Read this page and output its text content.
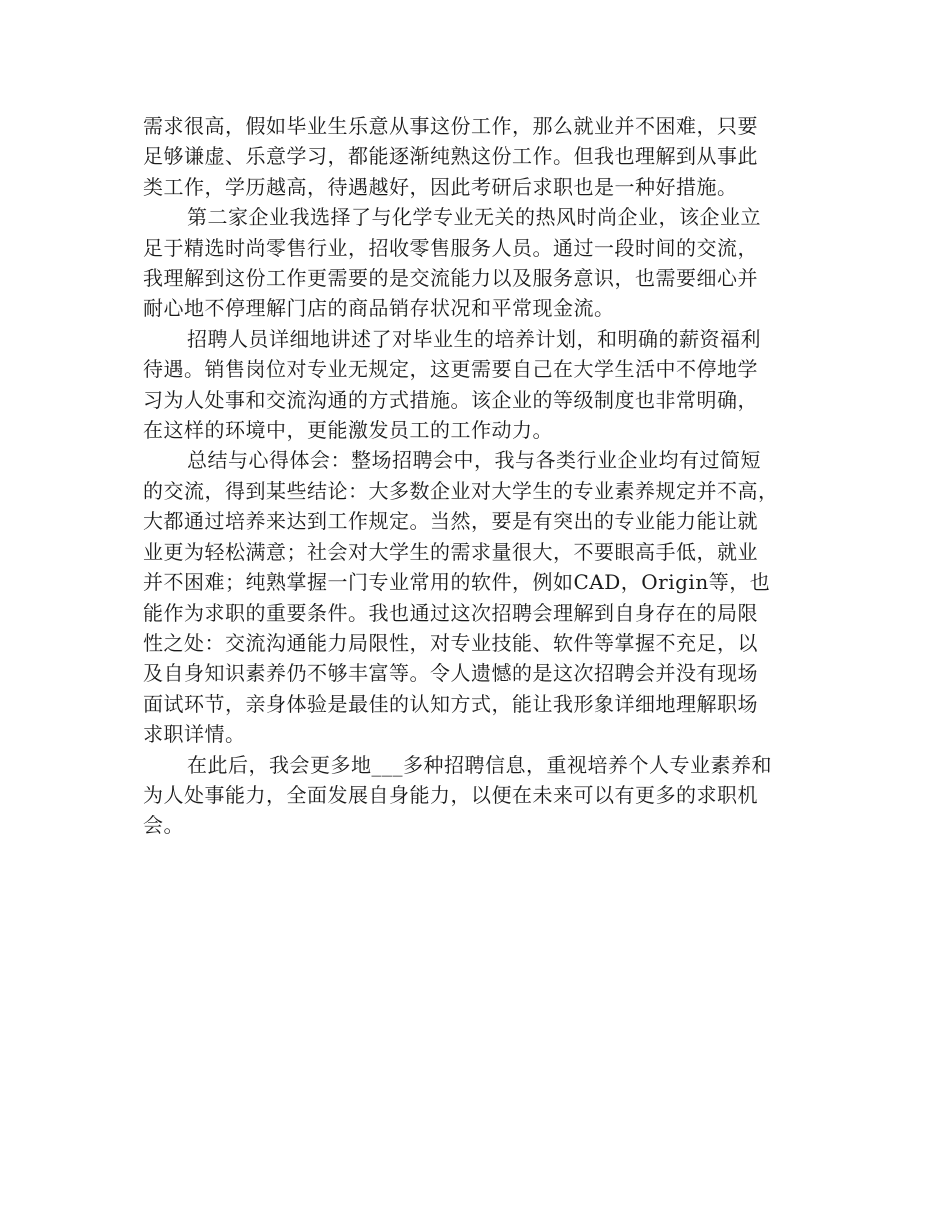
需求很高，假如毕业生乐意从事这份工作，那么就业并不困难，只要
足够谦虚、乐意学习，都能逐渐纯熟这份工作。但我也理解到从事此
类工作，学历越高，待遇越好，因此考研后求职也是一种好措施。

第二家企业我选择了与化学专业无关的热风时尚企业，该企业立
足于精选时尚零售行业，招收零售服务人员。通过一段时间的交流，
我理解到这份工作更需要的是交流能力以及服务意识，也需要细心并
耐心地不停理解门店的商品销存状况和平常现金流。

招聘人员详细地讲述了对毕业生的培养计划，和明确的薪资福利
待遇。销售岗位对专业无规定，这更需要自己在大学生活中不停地学
习为人处事和交流沟通的方式措施。该企业的等级制度也非常明确，
在这样的环境中，更能激发员工的工作动力。

总结与心得体会：整场招聘会中，我与各类行业企业均有过简短
的交流，得到某些结论：大多数企业对大学生的专业素养规定并不高，
大都通过培养来达到工作规定。当然，要是有突出的专业能力能让就
业更为轻松满意；社会对大学生的需求量很大，不要眼高手低，就业
并不困难；纯熟掌握一门专业常用的软件，例如CAD，Origin等，也
能作为求职的重要条件。我也通过这次招聘会理解到自身存在的局限
性之处：交流沟通能力局限性，对专业技能、软件等掌握不充足，以
及自身知识素养仍不够丰富等。令人遗憾的是这次招聘会并没有现场
面试环节，亲身体验是最佳的认知方式，能让我形象详细地理解职场
求职详情。

在此后，我会更多地___多种招聘信息，重视培养个人专业素养和
为人处事能力，全面发展自身能力，以便在未来可以有更多的求职机
会。
